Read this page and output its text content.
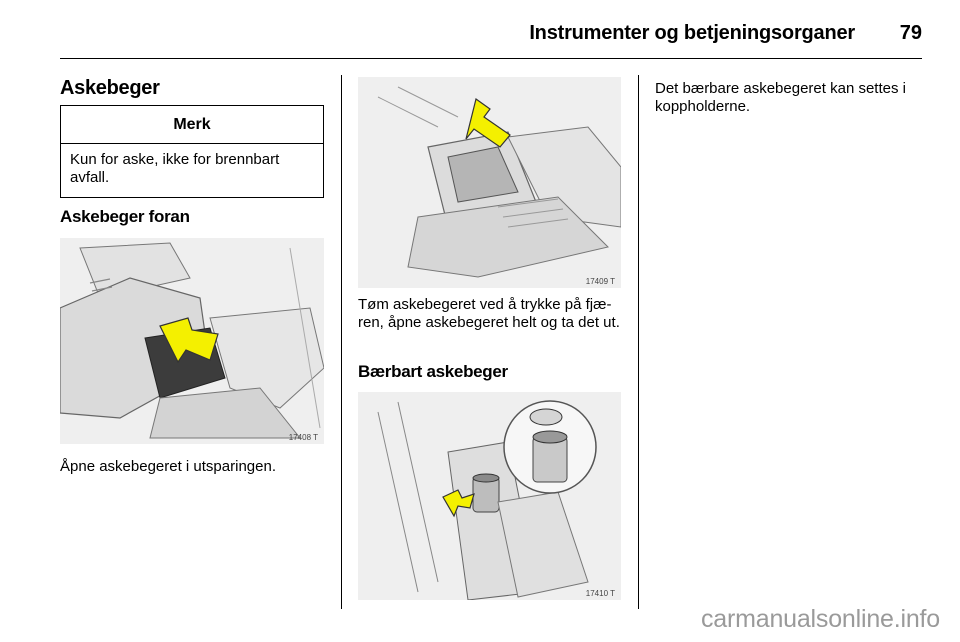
Instrumenter og betjeningsorganer 79
Askebeger
Merk
Kun for aske, ikke for brennbart avfall.
Askebeger foran
17408 T
Åpne askebegeret i utsparingen.
17409 T
Tøm askebegeret ved å trykke på fjæ-ren, åpne askebegeret helt og ta det ut.
Bærbart askebeger
17410 T
Det bærbare askebegeret kan settes i koppholderne.
carmanualsonline.info
